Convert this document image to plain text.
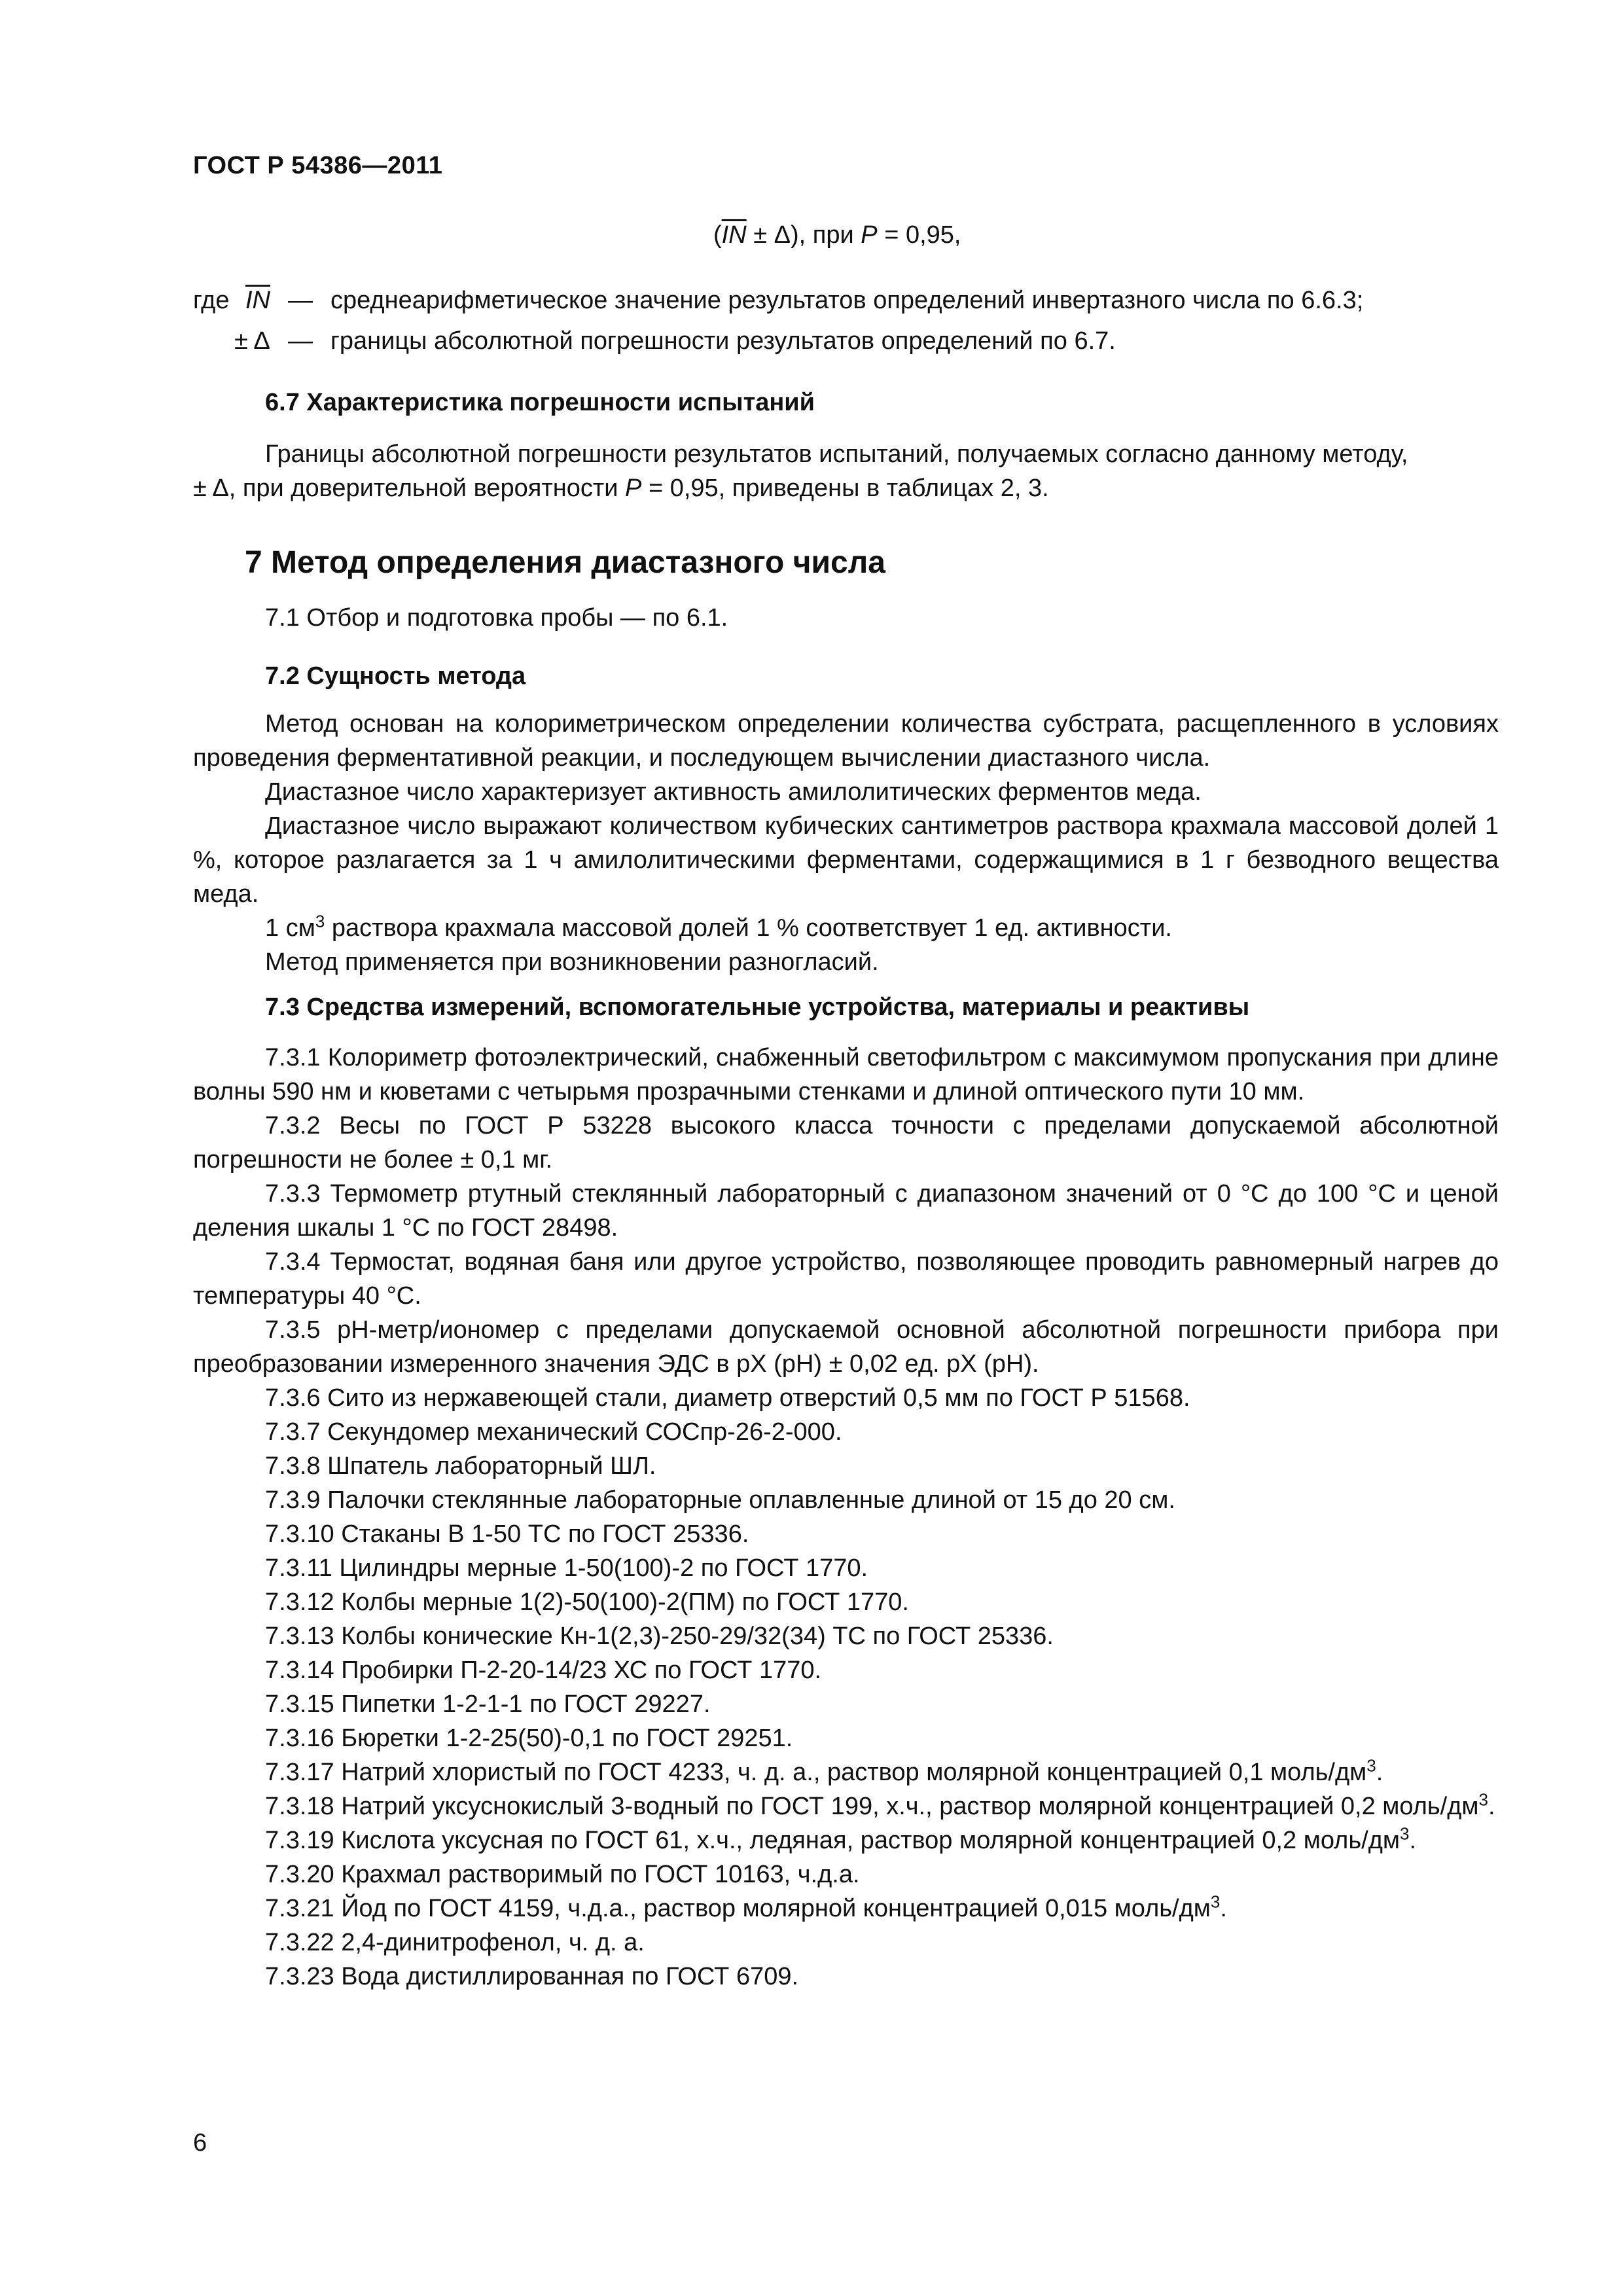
ГОСТ Р 54386—2011
$(\overline{IN} \pm \Delta)$, при P = 0,95,
где $\overline{IN}$ — среднеарифметическое значение результатов определений инвертазного числа по 6.6.3;
± Δ — границы абсолютной погрешности результатов определений по 6.7.
6.7 Характеристика погрешности испытаний

Границы абсолютной погрешности результатов испытаний, получаемых согласно данному методу,

± Δ, при доверительной вероятности P = 0,95, приведены в таблицах 2, 3.

7 Метод определения диастазного числа

7.1 Отбор и подготовка пробы — по 6.1.

7.2 Сущность метода

Метод основан на колориметрическом определении количества субстрата, расщепленного в условиях проведения ферментативной реакции, и последующем вычислении диастазного числа.

Диастазное число характеризует активность амилолитических ферментов меда.

Диастазное число выражают количеством кубических сантиметров раствора крахмала массовой долей 1 %, которое разлагается за 1 ч амилолитическими ферментами, содержащимися в 1 г безводного вещества меда.

1 $см^3$ раствора крахмала массовой долей 1 % соответствует 1 ед. активности.

Метод применяется при возникновении разногласий.

7.3 Средства измерений, вспомогательные устройства, материалы и реактивы

7.3.1 Колориметр фотоэлектрический, снабженный светофильтром с максимумом пропускания при длине волны 590 нм и кюветами с четырьмя прозрачными стенками и длиной оптического пути 10 мм.

7.3.2 Весы по ГОСТ Р 53228 высокого класса точности с пределами допускаемой абсолютной погрешности не более ± 0,1 мг.

7.3.3 Термометр ртутный стеклянный лабораторный с диапазоном значений от 0 °С до 100 °С и ценой деления шкалы 1 °С по ГОСТ 28498.

7.3.4 Термостат, водяная баня или другое устройство, позволяющее проводить равномерный нагрев до температуры 40 °С.

7.3.5 pH-метр/иономер с пределами допускаемой основной абсолютной погрешности прибора при преобразовании измеренного значения ЭДС в pX (pH) ± 0,02 ед. pX (pH).

7.3.6 Сито из нержавеющей стали, диаметр отверстий 0,5 мм по ГОСТ Р 51568.

7.3.7 Секундомер механический СОСпр-26-2-000.

7.3.8 Шпатель лабораторный ШЛ.

7.3.9 Палочки стеклянные лабораторные оплавленные длиной от 15 до 20 см.

7.3.10 Стаканы В 1-50 ТС по ГОСТ 25336.

7.3.11 Цилиндры мерные 1-50(100)-2 по ГОСТ 1770.

7.3.12 Колбы мерные 1(2)-50(100)-2(ПМ) по ГОСТ 1770.

7.3.13 Колбы конические Кн-1(2,3)-250-29/32(34) ТС по ГОСТ 25336.

7.3.14 Пробирки П-2-20-14/23 ХС по ГОСТ 1770.

7.3.15 Пипетки 1-2-1-1 по ГОСТ 29227.

7.3.16 Бюретки 1-2-25(50)-0,1 по ГОСТ 29251.

7.3.17 Натрий хлористый по ГОСТ 4233, ч. д. а., раствор молярной концентрацией 0,1 моль/$дм^3$.

7.3.18 Натрий уксуснокислый 3-водный по ГОСТ 199, х.ч., раствор молярной концентрацией 0,2 моль/$дм^3$.

7.3.19 Кислота уксусная по ГОСТ 61, х.ч., ледяная, раствор молярной концентрацией 0,2 моль/$дм^3$.

7.3.20 Крахмал растворимый по ГОСТ 10163, ч.д.а.

7.3.21 Йод по ГОСТ 4159, ч.д.а., раствор молярной концентрацией 0,015 моль/$дм^3$.

7.3.22 2,4-динитрофенол, ч. д. а.

7.3.23 Вода дистиллированная по ГОСТ 6709.

6
